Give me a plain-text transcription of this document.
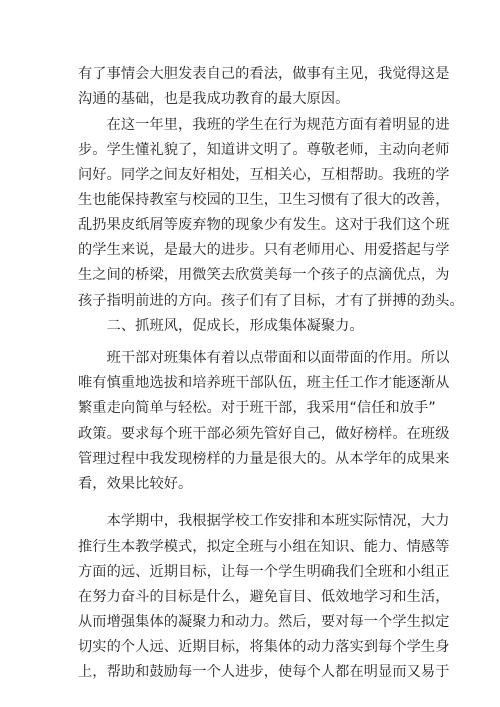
有了事情会大胆发表自己的看法，做事有主见，我觉得这是
沟通的基础，也是我成功教育的最大原因。
　　在这一年里，我班的学生在行为规范方面有着明显的进
步。学生懂礼貌了，知道讲文明了。尊敬老师，主动向老师
问好。同学之间友好相处，互相关心，互相帮助。我班的学
生也能保持教室与校园的卫生，卫生习惯有了很大的改善，
乱扔果皮纸屑等废弃物的现象少有发生。这对于我们这个班
的学生来说，是最大的进步。只有老师用心、用爱搭起与学
生之间的桥梁，用微笑去欣赏美每一个孩子的点滴优点，为
孩子指明前进的方向。孩子们有了目标，才有了拼搏的劲头。
　　二、抓班风，促成长，形成集体凝聚力。
　　班干部对班集体有着以点带面和以面带面的作用。所以
唯有慎重地选拔和培养班干部队伍，班主任工作才能逐渐从
繁重走向简单与轻松。对于班干部，我采用“信任和放手”
政策。要求每个班干部必须先管好自己，做好榜样。在班级
管理过程中我发现榜样的力量是很大的。从本学年的成果来
看，效果比较好。
　　本学期中，我根据学校工作安排和本班实际情况，大力
推行生本教学模式，拟定全班与小组在知识、能力、情感等
方面的远、近期目标，让每一个学生明确我们全班和小组正
在努力奋斗的目标是什么，避免盲目、低效地学习和生活，
从而增强集体的凝聚力和动力。然后，要对每一个学生拟定
切实的个人远、近期目标，将集体的动力落实到每个学生身
上，帮助和鼓励每一个人进步，使每个人都在明显而又易于
